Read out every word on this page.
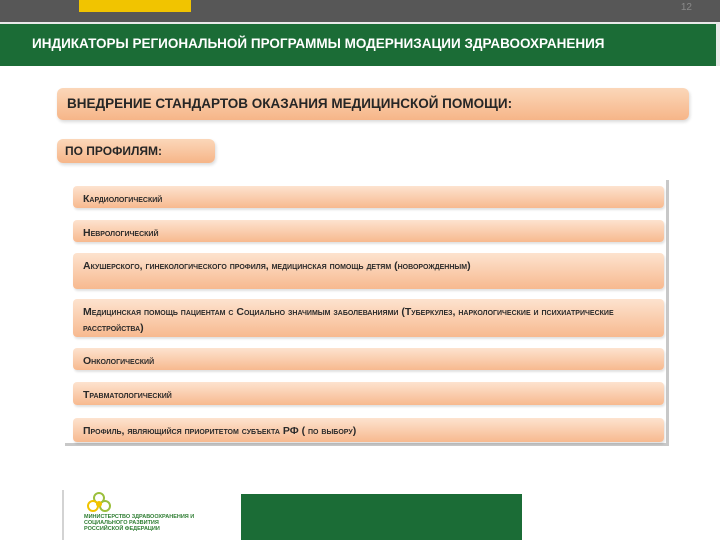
12
ИНДИКАТОРЫ РЕГИОНАЛЬНОЙ ПРОГРАММЫ МОДЕРНИЗАЦИИ ЗДРАВООХРАНЕНИЯ
ВНЕДРЕНИЕ СТАНДАРТОВ ОКАЗАНИЯ МЕДИЦИНСКОЙ ПОМОЩИ:
ПО ПРОФИЛЯМ:
Кардиологический
Неврологический
Акушерского, гинекологического профиля, медицинская помощь детям (новорожденным)
Медицинская помощь пациентам с Социально значимым заболеваниями (Туберкулез, наркологические и психиатрические расстройства)
Онкологический
Травматологический
Профиль, являющийся приоритетом субъекта РФ ( по выбору)
МИНИСТЕРСТВО ЗДРАВООХРАНЕНИЯ И СОЦИАЛЬНОГО РАЗВИТИЯ РОССИЙСКОЙ ФЕДЕРАЦИИ
